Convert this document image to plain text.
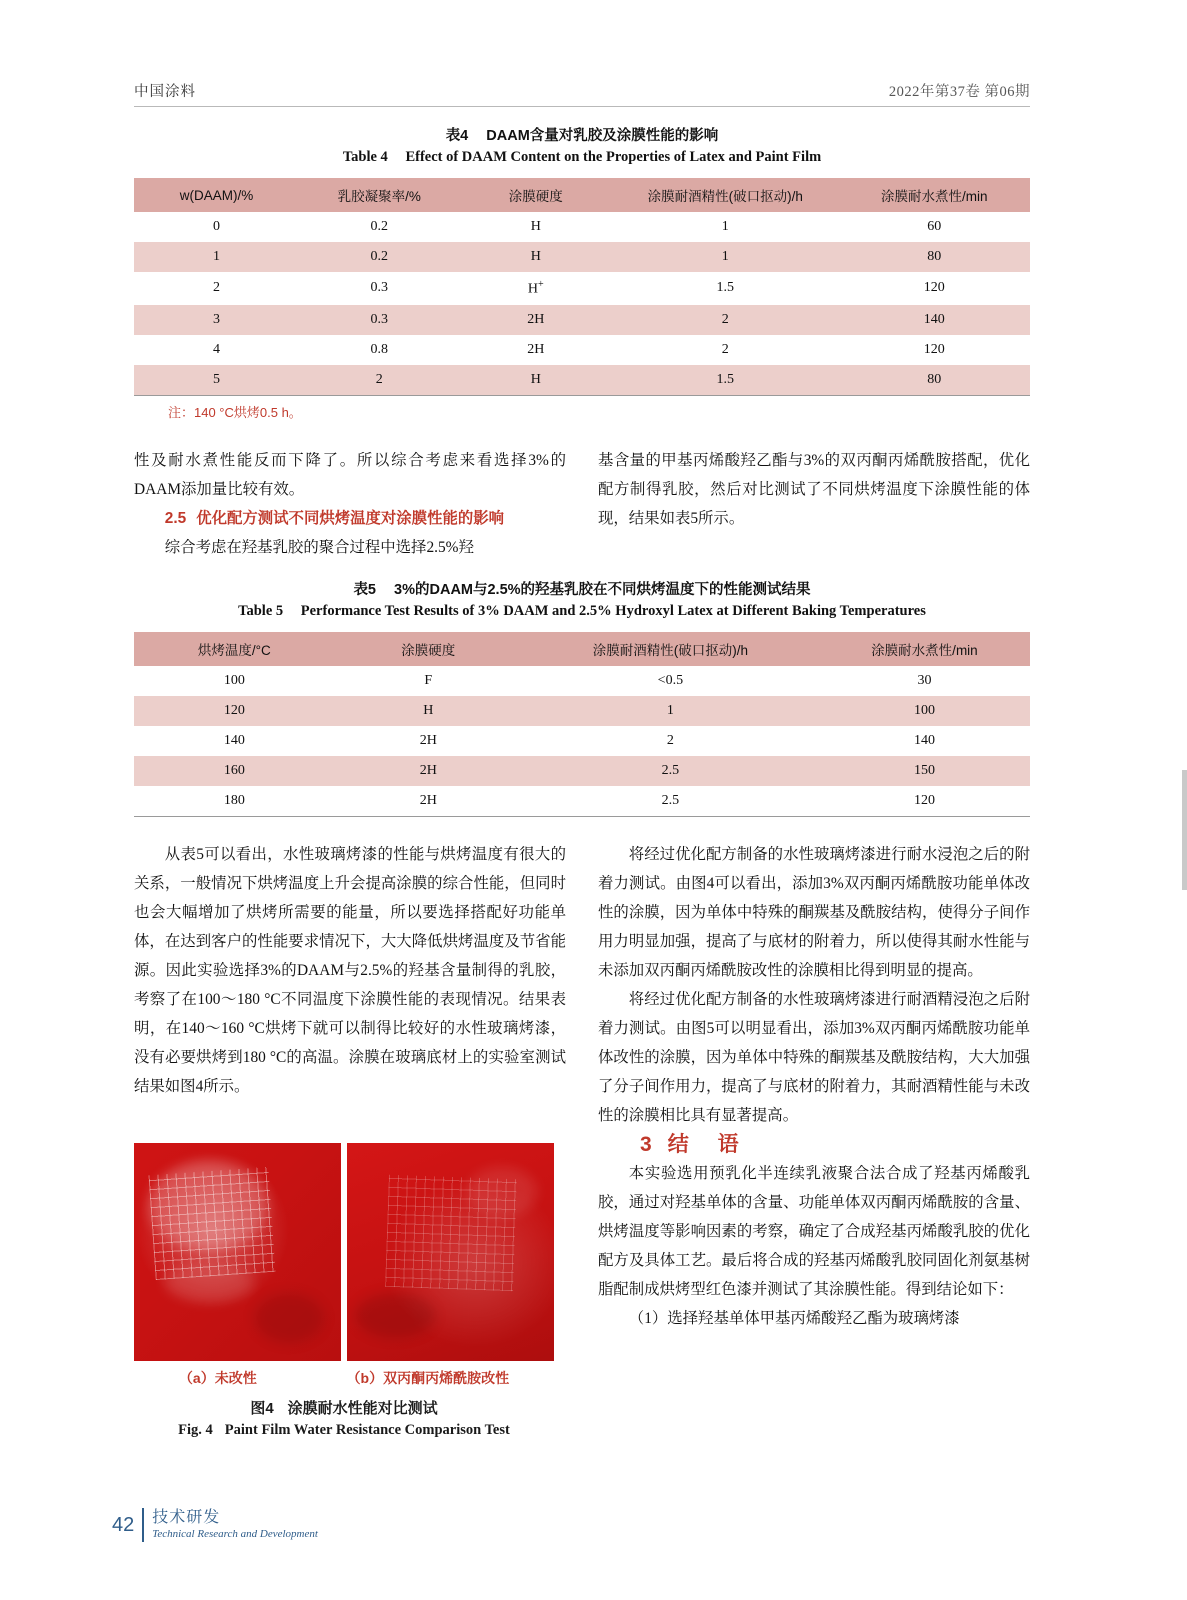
中国涂料	2022年第37卷 第06期
表4 DAAM含量对乳胶及涂膜性能的影响
Table 4 Effect of DAAM Content on the Properties of Latex and Paint Film
w(DAAM)/%	乳胶凝聚率/%	涂膜硬度	涂膜耐酒精性(破口抠动)/h	涂膜耐水煮性/min
0	0.2	H	1	60
1	0.2	H	1	80
2	0.3	H+	1.5	120
3	0.3	2H	2	140
4	0.8	2H	2	120
5	2	H	1.5	80
注：140 °C烘烤0.5 h。

性及耐水煮性能反而下降了。所以综合考虑来看选择3%的DAAM添加量比较有效。

2.5 优化配方测试不同烘烤温度对涂膜性能的影响

综合考虑在羟基乳胶的聚合过程中选择2.5%羟

基含量的甲基丙烯酸羟乙酯与3%的双丙酮丙烯酰胺搭配，优化配方制得乳胶，然后对比测试了不同烘烤温度下涂膜性能的体现，结果如表5所示。

表5 3%的DAAM与2.5%的羟基乳胶在不同烘烤温度下的性能测试结果
Table 5 Performance Test Results of 3% DAAM and 2.5% Hydroxyl Latex at Different Baking Temperatures
烘烤温度/°C	涂膜硬度	涂膜耐酒精性(破口抠动)/h	涂膜耐水煮性/min
100	F	<0.5	30
120	H	1	100
140	2H	2	140
160	2H	2.5	150
180	2H	2.5	120

从表5可以看出，水性玻璃烤漆的性能与烘烤温度有很大的关系，一般情况下烘烤温度上升会提高涂膜的综合性能，但同时也会大幅增加了烘烤所需要的能量，所以要选择搭配好功能单体，在达到客户的性能要求情况下，大大降低烘烤温度及节省能源。因此实验选择3%的DAAM与2.5%的羟基含量制得的乳胶，考察了在100～180 °C不同温度下涂膜性能的表现情况。结果表明，在140～160 °C烘烤下就可以制得比较好的水性玻璃烤漆，没有必要烘烤到180 °C的高温。涂膜在玻璃底材上的实验室测试结果如图4所示。

将经过优化配方制备的水性玻璃烤漆进行耐水浸泡之后的附着力测试。由图4可以看出，添加3%双丙酮丙烯酰胺功能单体改性的涂膜，因为单体中特殊的酮羰基及酰胺结构，使得分子间作用力明显加强，提高了与底材的附着力，所以使得其耐水性能与未添加双丙酮丙烯酰胺改性的涂膜相比得到明显的提高。

将经过优化配方制备的水性玻璃烤漆进行耐酒精浸泡之后附着力测试。由图5可以明显看出，添加3%双丙酮丙烯酰胺功能单体改性的涂膜，因为单体中特殊的酮羰基及酰胺结构，大大加强了分子间作用力，提高了与底材的附着力，其耐酒精性能与未改性的涂膜相比具有显著提高。

3 结　语

本实验选用预乳化半连续乳液聚合法合成了羟基丙烯酸乳胶，通过对羟基单体的含量、功能单体双丙酮丙烯酰胺的含量、烘烤温度等影响因素的考察，确定了合成羟基丙烯酸乳胶的优化配方及具体工艺。最后将合成的羟基丙烯酸乳胶同固化剂氨基树脂配制成烘烤型红色漆并测试了其涂膜性能。得到结论如下：

（1）选择羟基单体甲基丙烯酸羟乙酯为玻璃烤漆

（a）未改性	（b）双丙酮丙烯酰胺改性
图4 涂膜耐水性能对比测试
Fig. 4 Paint Film Water Resistance Comparison Test
42 技术研发
Technical Research and Development
